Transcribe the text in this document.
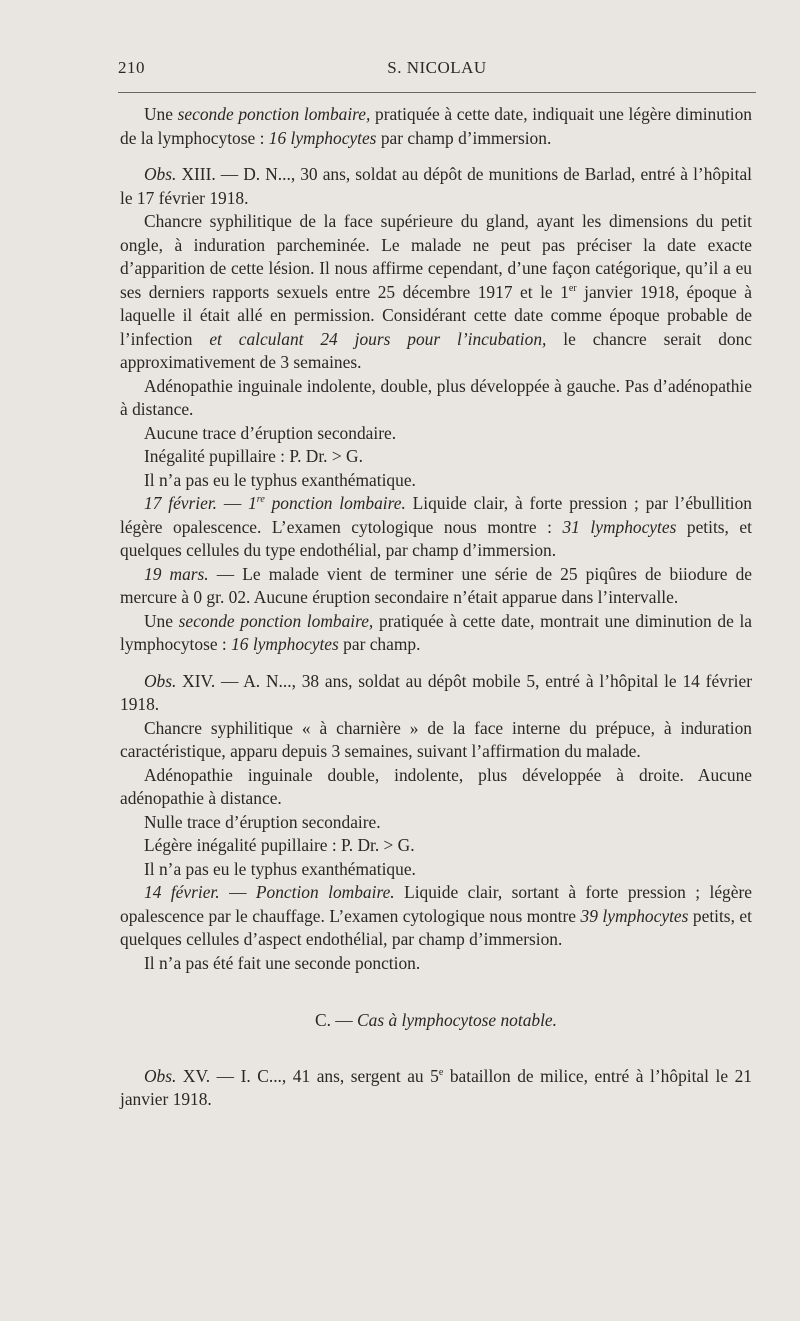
210	S. NICOLAU

Une seconde ponction lombaire, pratiquée à cette date, indiquait une légère diminution de la lymphocytose : 16 lymphocytes par champ d’immersion.

Obs. XIII. — D. N..., 30 ans, soldat au dépôt de munitions de Barlad, entré à l’hôpital le 17 février 1918.

Chancre syphilitique de la face supérieure du gland, ayant les dimensions du petit ongle, à induration parcheminée. Le malade ne peut pas préciser la date exacte d’apparition de cette lésion. Il nous affirme cependant, d’une façon catégorique, qu’il a eu ses derniers rapports sexuels entre 25 décembre 1917 et le 1er janvier 1918, époque à laquelle il était allé en permission. Considérant cette date comme époque probable de l’infection et calculant 24 jours pour l’incubation, le chancre serait donc approximativement de 3 semaines.

Adénopathie inguinale indolente, double, plus développée à gauche. Pas d’adénopathie à distance.

Aucune trace d’éruption secondaire.

Inégalité pupillaire : P. Dr. > G.

Il n’a pas eu le typhus exanthématique.

17 février. — 1re ponction lombaire. Liquide clair, à forte pression ; par l’ébullition légère opalescence. L’examen cytologique nous montre : 31 lymphocytes petits, et quelques cellules du type endothélial, par champ d’immersion.

19 mars. — Le malade vient de terminer une série de 25 piqûres de biiodure de mercure à 0 gr. 02. Aucune éruption secondaire n’était apparue dans l’intervalle.

Une seconde ponction lombaire, pratiquée à cette date, montrait une diminution de la lymphocytose : 16 lymphocytes par champ.

Obs. XIV. — A. N..., 38 ans, soldat au dépôt mobile 5, entré à l’hôpital le 14 février 1918.

Chancre syphilitique « à charnière » de la face interne du prépuce, à induration caractéristique, apparu depuis 3 semaines, suivant l’affirmation du malade.

Adénopathie inguinale double, indolente, plus développée à droite. Aucune adénopathie à distance.

Nulle trace d’éruption secondaire.

Légère inégalité pupillaire : P. Dr. > G.

Il n’a pas eu le typhus exanthématique.

14 février. — Ponction lombaire. Liquide clair, sortant à forte pression ; légère opalescence par le chauffage. L’examen cytologique nous montre 39 lymphocytes petits, et quelques cellules d’aspect endothélial, par champ d’immersion.

Il n’a pas été fait une seconde ponction.

C. — Cas à lymphocytose notable.

Obs. XV. — I. C..., 41 ans, sergent au 5e bataillon de milice, entré à l’hôpital le 21 janvier 1918.
